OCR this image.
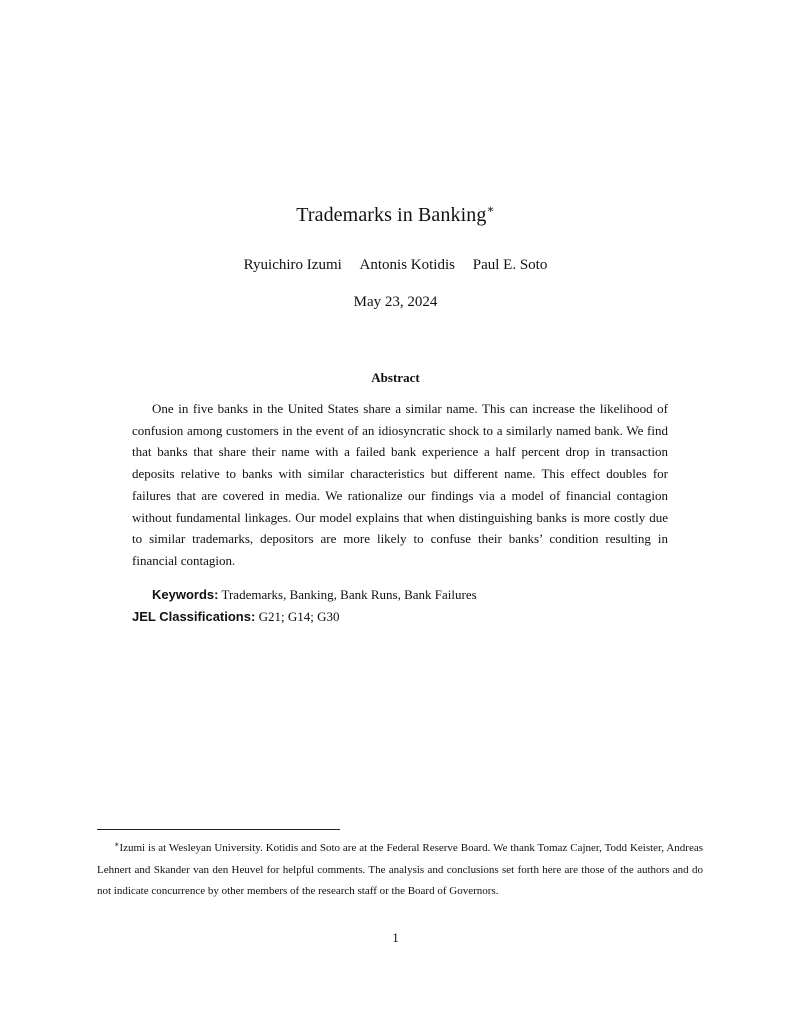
Trademarks in Banking∗
Ryuichiro Izumi Antonis Kotidis Paul E. Soto
May 23, 2024
Abstract

One in five banks in the United States share a similar name. This can increase the likelihood of confusion among customers in the event of an idiosyncratic shock to a similarly named bank. We find that banks that share their name with a failed bank experience a half percent drop in transaction deposits relative to banks with similar characteristics but different name. This effect doubles for failures that are covered in media. We rationalize our findings via a model of financial contagion without fundamental linkages. Our model explains that when distinguishing banks is more costly due to similar trademarks, depositors are more likely to confuse their banks’ condition resulting in financial contagion.

Keywords: Trademarks, Banking, Bank Runs, Bank Failures
JEL Classifications: G21; G14; G30

∗Izumi is at Wesleyan University. Kotidis and Soto are at the Federal Reserve Board. We thank Tomaz Cajner, Todd Keister, Andreas Lehnert and Skander van den Heuvel for helpful comments. The analysis and conclusions set forth here are those of the authors and do not indicate concurrence by other members of the research staff or the Board of Governors.

1
